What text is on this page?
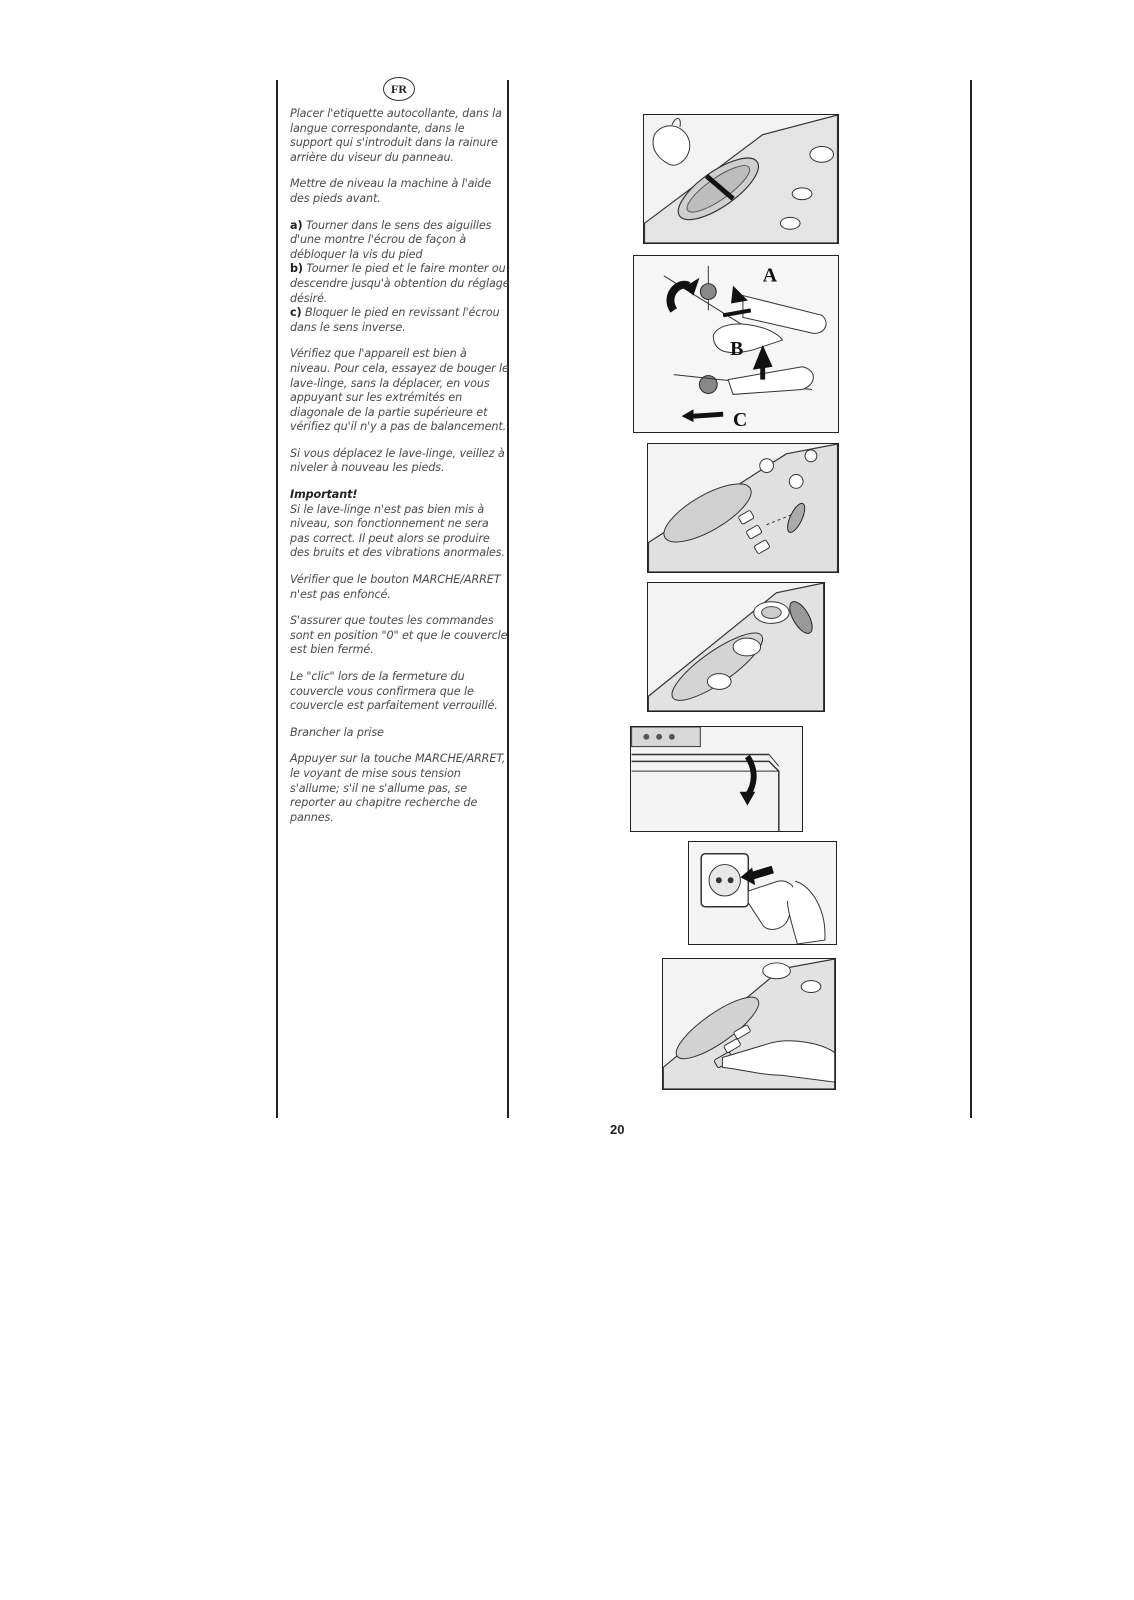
FR

Placer l'etiquette autocollante, dans la langue correspondante, dans le support qui s'introduit dans la rainure arrière du viseur du panneau.

Mettre de niveau la machine à l'aide des pieds avant.

a) Tourner dans le sens des aiguilles d'une montre l'écrou de façon à débloquer la vis du pied
b) Tourner le pied et le faire monter ou descendre jusqu'à obtention du réglage désiré.
c) Bloquer le pied en revissant l'écrou dans le sens inverse.

Vérifiez que l'appareil est bien à niveau. Pour cela, essayez de bouger le lave-linge, sans la déplacer, en vous appuyant sur les extrémités en diagonale de la partie supérieure et vérifiez qu'il n'y a pas de balancement.

Si vous déplacez le lave-linge, veillez à niveler à nouveau les pieds.

Important!
Si le lave-linge n'est pas bien mis à niveau, son fonctionnement ne sera pas correct. Il peut alors se produire des bruits et des vibrations anormales.

Vérifier que le bouton MARCHE/ARRET n'est pas enfoncé.

S'assurer que toutes les commandes sont en position "0" et que le couvercle est bien fermé.

Le "clic" lors de la fermeture du couvercle vous confirmera que le couvercle est parfaitement verrouillé.

Brancher la prise

Appuyer sur la touche MARCHE/ARRET, le voyant de mise sous tension s'allume; s'il ne s'allume pas, se reporter au chapitre recherche de pannes.

A
B
C
20
